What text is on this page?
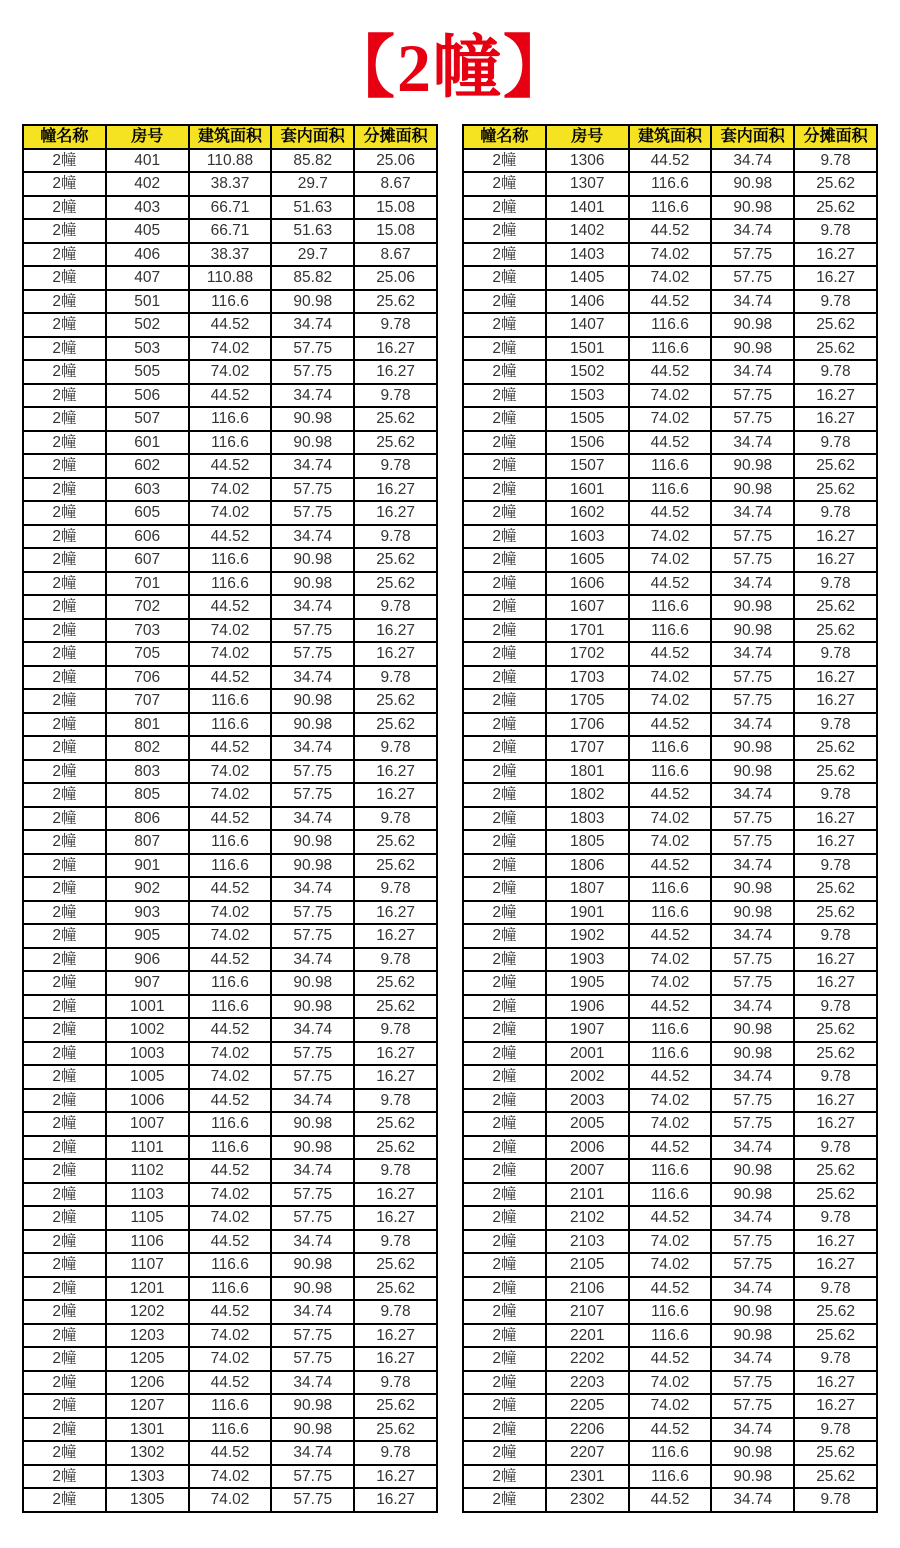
【2幢】
幢名称	房号	建筑面积	套内面积	分摊面积
2幢	401	110.88	85.82	25.06
2幢	402	38.37	29.7	8.67
2幢	403	66.71	51.63	15.08
2幢	405	66.71	51.63	15.08
2幢	406	38.37	29.7	8.67
2幢	407	110.88	85.82	25.06
2幢	501	116.6	90.98	25.62
2幢	502	44.52	34.74	9.78
2幢	503	74.02	57.75	16.27
2幢	505	74.02	57.75	16.27
2幢	506	44.52	34.74	9.78
2幢	507	116.6	90.98	25.62
2幢	601	116.6	90.98	25.62
2幢	602	44.52	34.74	9.78
2幢	603	74.02	57.75	16.27
2幢	605	74.02	57.75	16.27
2幢	606	44.52	34.74	9.78
2幢	607	116.6	90.98	25.62
2幢	701	116.6	90.98	25.62
2幢	702	44.52	34.74	9.78
2幢	703	74.02	57.75	16.27
2幢	705	74.02	57.75	16.27
2幢	706	44.52	34.74	9.78
2幢	707	116.6	90.98	25.62
2幢	801	116.6	90.98	25.62
2幢	802	44.52	34.74	9.78
2幢	803	74.02	57.75	16.27
2幢	805	74.02	57.75	16.27
2幢	806	44.52	34.74	9.78
2幢	807	116.6	90.98	25.62
2幢	901	116.6	90.98	25.62
2幢	902	44.52	34.74	9.78
2幢	903	74.02	57.75	16.27
2幢	905	74.02	57.75	16.27
2幢	906	44.52	34.74	9.78
2幢	907	116.6	90.98	25.62
2幢	1001	116.6	90.98	25.62
2幢	1002	44.52	34.74	9.78
2幢	1003	74.02	57.75	16.27
2幢	1005	74.02	57.75	16.27
2幢	1006	44.52	34.74	9.78
2幢	1007	116.6	90.98	25.62
2幢	1101	116.6	90.98	25.62
2幢	1102	44.52	34.74	9.78
2幢	1103	74.02	57.75	16.27
2幢	1105	74.02	57.75	16.27
2幢	1106	44.52	34.74	9.78
2幢	1107	116.6	90.98	25.62
2幢	1201	116.6	90.98	25.62
2幢	1202	44.52	34.74	9.78
2幢	1203	74.02	57.75	16.27
2幢	1205	74.02	57.75	16.27
2幢	1206	44.52	34.74	9.78
2幢	1207	116.6	90.98	25.62
2幢	1301	116.6	90.98	25.62
2幢	1302	44.52	34.74	9.78
2幢	1303	74.02	57.75	16.27
2幢	1305	74.02	57.75	16.27
幢名称	房号	建筑面积	套内面积	分摊面积
2幢	1306	44.52	34.74	9.78
2幢	1307	116.6	90.98	25.62
2幢	1401	116.6	90.98	25.62
2幢	1402	44.52	34.74	9.78
2幢	1403	74.02	57.75	16.27
2幢	1405	74.02	57.75	16.27
2幢	1406	44.52	34.74	9.78
2幢	1407	116.6	90.98	25.62
2幢	1501	116.6	90.98	25.62
2幢	1502	44.52	34.74	9.78
2幢	1503	74.02	57.75	16.27
2幢	1505	74.02	57.75	16.27
2幢	1506	44.52	34.74	9.78
2幢	1507	116.6	90.98	25.62
2幢	1601	116.6	90.98	25.62
2幢	1602	44.52	34.74	9.78
2幢	1603	74.02	57.75	16.27
2幢	1605	74.02	57.75	16.27
2幢	1606	44.52	34.74	9.78
2幢	1607	116.6	90.98	25.62
2幢	1701	116.6	90.98	25.62
2幢	1702	44.52	34.74	9.78
2幢	1703	74.02	57.75	16.27
2幢	1705	74.02	57.75	16.27
2幢	1706	44.52	34.74	9.78
2幢	1707	116.6	90.98	25.62
2幢	1801	116.6	90.98	25.62
2幢	1802	44.52	34.74	9.78
2幢	1803	74.02	57.75	16.27
2幢	1805	74.02	57.75	16.27
2幢	1806	44.52	34.74	9.78
2幢	1807	116.6	90.98	25.62
2幢	1901	116.6	90.98	25.62
2幢	1902	44.52	34.74	9.78
2幢	1903	74.02	57.75	16.27
2幢	1905	74.02	57.75	16.27
2幢	1906	44.52	34.74	9.78
2幢	1907	116.6	90.98	25.62
2幢	2001	116.6	90.98	25.62
2幢	2002	44.52	34.74	9.78
2幢	2003	74.02	57.75	16.27
2幢	2005	74.02	57.75	16.27
2幢	2006	44.52	34.74	9.78
2幢	2007	116.6	90.98	25.62
2幢	2101	116.6	90.98	25.62
2幢	2102	44.52	34.74	9.78
2幢	2103	74.02	57.75	16.27
2幢	2105	74.02	57.75	16.27
2幢	2106	44.52	34.74	9.78
2幢	2107	116.6	90.98	25.62
2幢	2201	116.6	90.98	25.62
2幢	2202	44.52	34.74	9.78
2幢	2203	74.02	57.75	16.27
2幢	2205	74.02	57.75	16.27
2幢	2206	44.52	34.74	9.78
2幢	2207	116.6	90.98	25.62
2幢	2301	116.6	90.98	25.62
2幢	2302	44.52	34.74	9.78
